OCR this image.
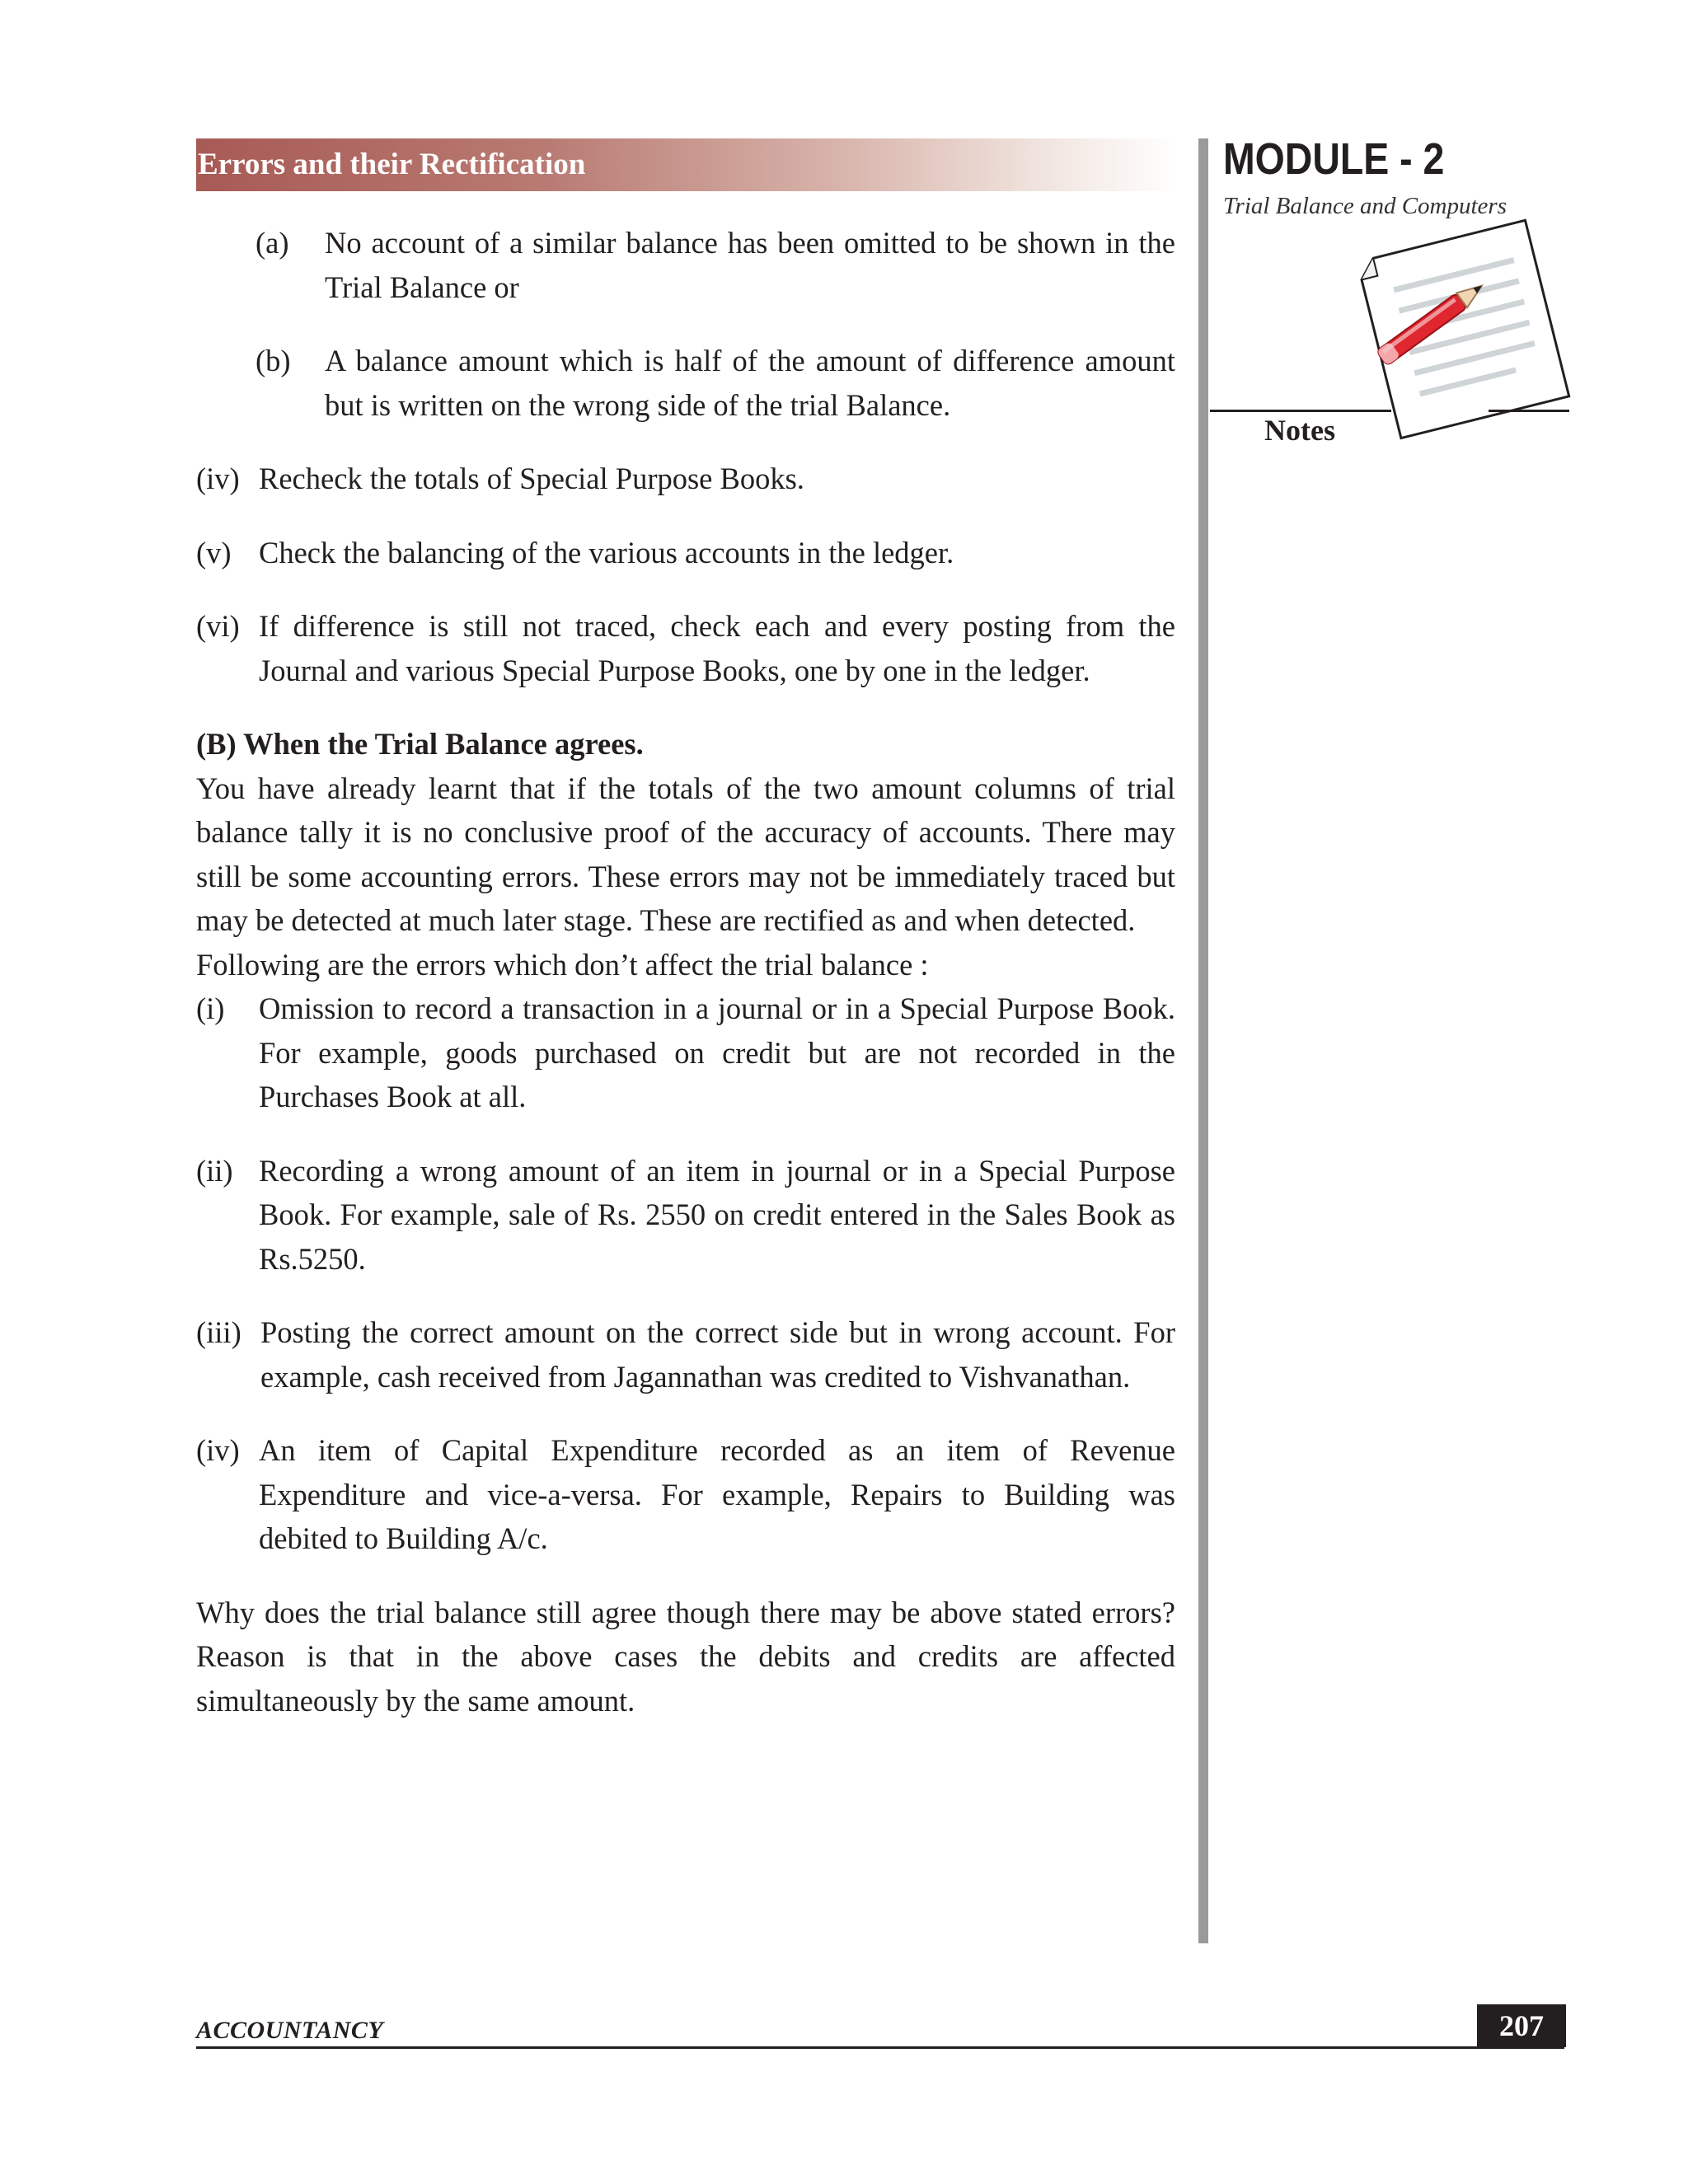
Errors and their Rectification	MODULE - 2
Trial Balance and Computers
Notes
(a)	No account of a similar balance has been omitted to be shown in the Trial Balance or
(b)	A balance amount which is half of the amount of difference amount but is written on the wrong side of the trial Balance.
(iv) Recheck the totals of Special Purpose Books.
(v) Check the balancing of the various accounts in the ledger.
(vi) If difference is still not traced, check each and every posting from the Journal and various Special Purpose Books, one by one in the ledger.

(B) When the Trial Balance agrees.

You have already learnt that if the totals of the two amount columns of trial balance tally it is no conclusive proof of the accuracy of accounts. There may still be some accounting errors. These errors may not be immediately traced but may be detected at much later stage. These are rectified as and when detected.

Following are the errors which don’t affect the trial balance :

(i)	Omission to record a transaction in a journal or in a Special Purpose Book. For example, goods purchased on credit but are not recorded in the Purchases Book at all.
(ii) Recording a wrong amount of an item in journal or in a Special Purpose Book. For example, sale of Rs. 2550 on credit entered in the Sales Book as Rs.5250.
(iii) Posting the correct amount on the correct side but in wrong account. For example, cash received from Jagannathan was credited to Vishvanathan.
(iv) An item of Capital Expenditure recorded as an item of Revenue Expenditure and vice-a-versa. For example, Repairs to Building was debited to Building A/c.

Why does the trial balance still agree though there may be above stated errors? Reason is that in the above cases the debits and credits are affected simultaneously by the same amount.

ACCOUNTANCY	207
